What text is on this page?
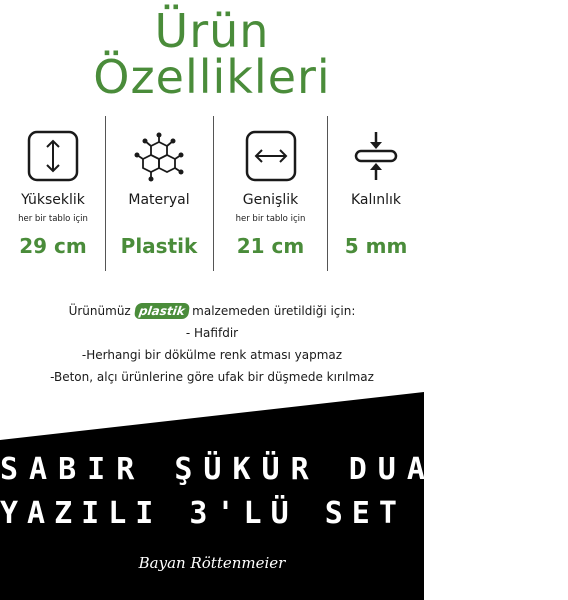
Ürün
Özellikleri
Yükseklik
her bir tablo için
29 cm
Materyal
Plastik
Genişlik
her bir tablo için
21 cm
Kalınlık
5 mm
Ürünümüz plastik malzemeden üretildiği için:
- Hafifdir
-Herhangi bir dökülme renk atması yapmaz
-Beton, alçı ürünlerine göre ufak bir düşmede kırılmaz
SABIR ŞÜKÜR DUA
YAZILI 3'LÜ SET TABLO
Bayan Röttenmeier
